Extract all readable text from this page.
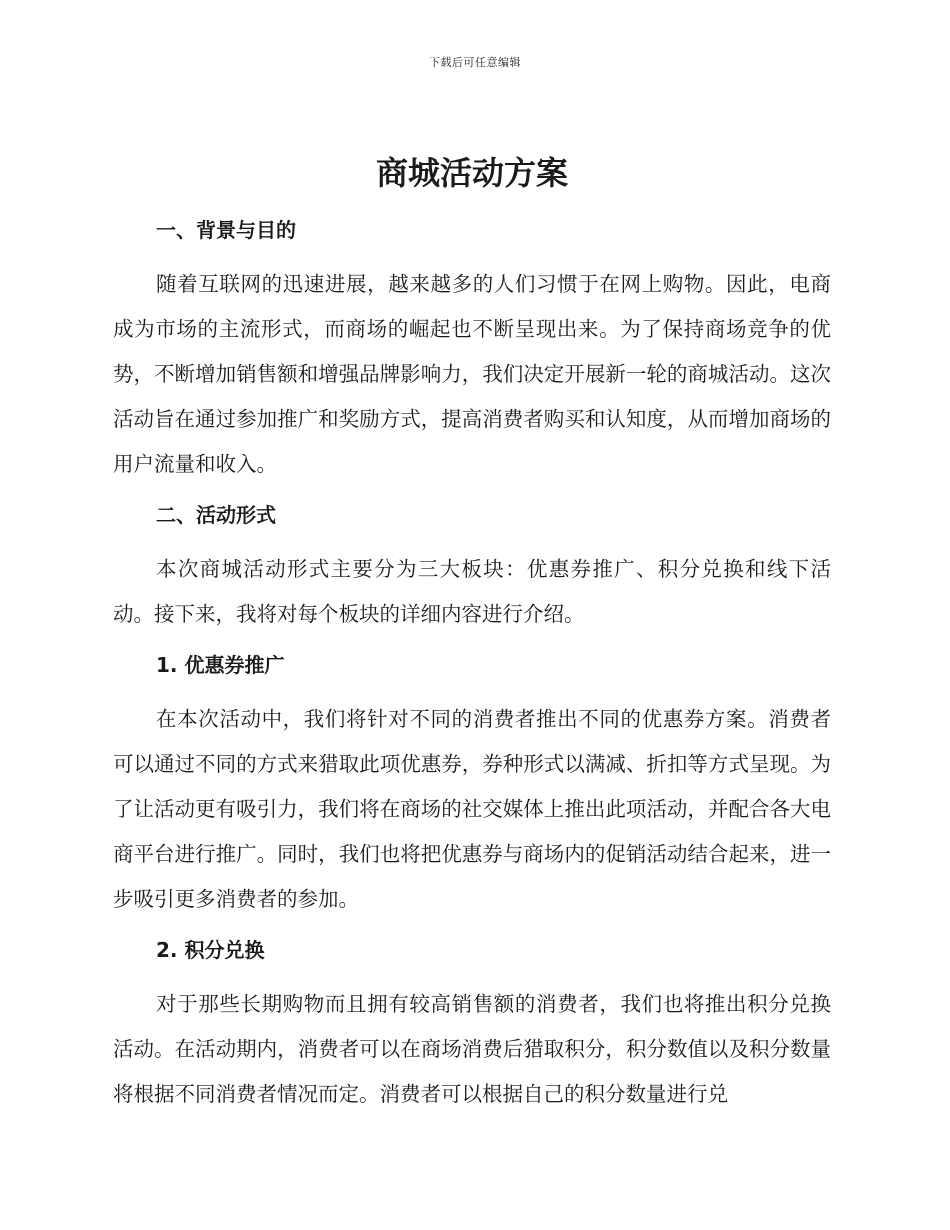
下载后可任意编辑
商城活动方案
一、背景与目的

随着互联网的迅速进展，越来越多的人们习惯于在网上购物。因此，电商成为市场的主流形式，而商场的崛起也不断呈现出来。为了保持商场竞争的优势，不断增加销售额和增强品牌影响力，我们决定开展新一轮的商城活动。这次活动旨在通过参加推广和奖励方式，提高消费者购买和认知度，从而增加商场的用户流量和收入。

二、活动形式

本次商城活动形式主要分为三大板块：优惠券推广、积分兑换和线下活动。接下来，我将对每个板块的详细内容进行介绍。

1. 优惠券推广

在本次活动中，我们将针对不同的消费者推出不同的优惠券方案。消费者可以通过不同的方式来猎取此项优惠券，券种形式以满减、折扣等方式呈现。为了让活动更有吸引力，我们将在商场的社交媒体上推出此项活动，并配合各大电商平台进行推广。同时，我们也将把优惠券与商场内的促销活动结合起来，进一步吸引更多消费者的参加。

2. 积分兑换

对于那些长期购物而且拥有较高销售额的消费者，我们也将推出积分兑换活动。在活动期内，消费者可以在商场消费后猎取积分，积分数值以及积分数量将根据不同消费者情况而定。消费者可以根据自己的积分数量进行兑
